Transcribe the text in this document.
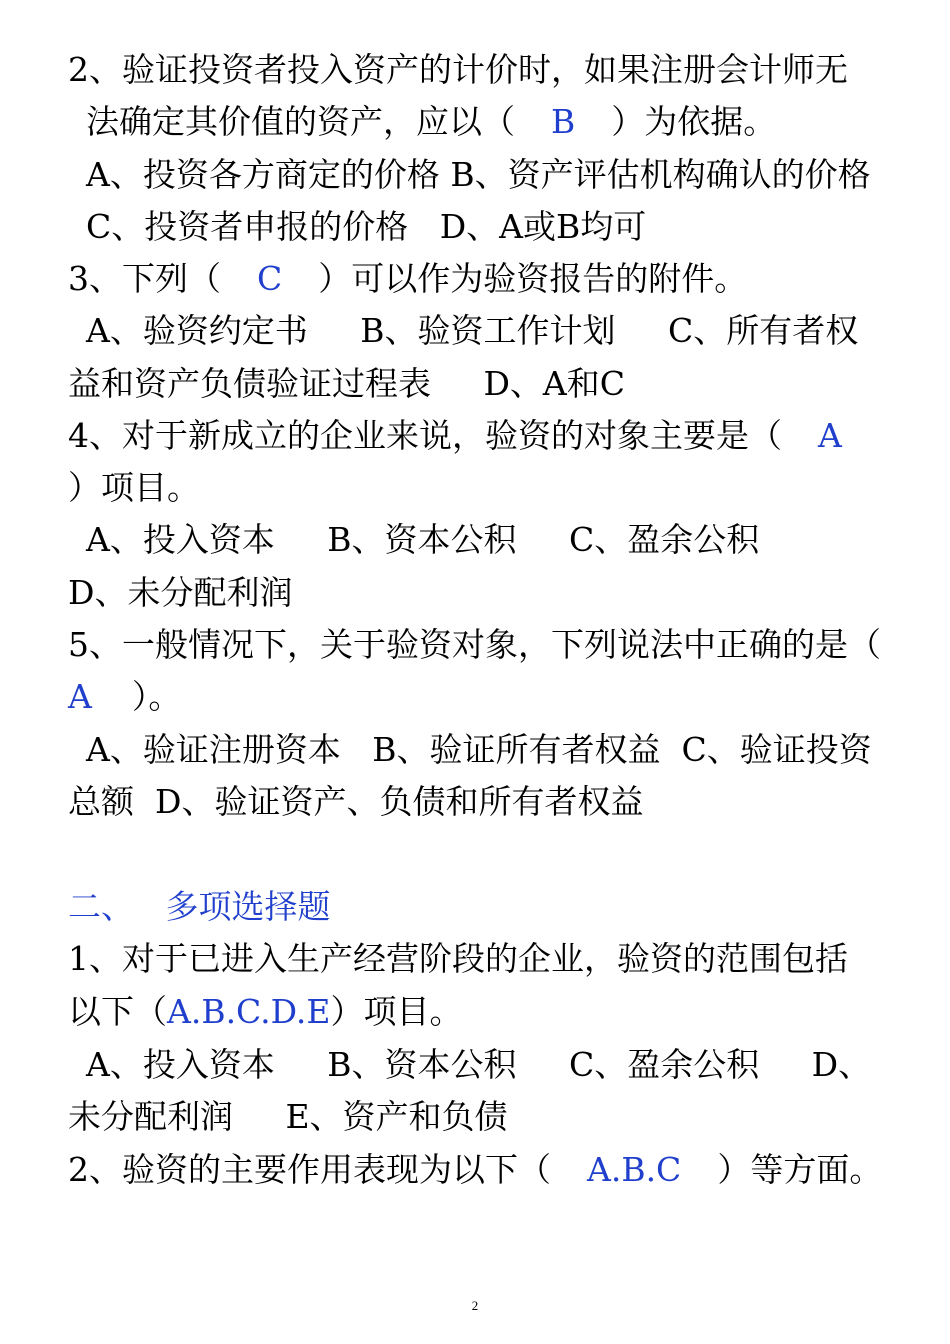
2、验证投资者投入资产的计价时，如果注册会计师无
法确定其价值的资产，应以（ B ）为依据。
A、投资各方商定的价格 B、资产评估机构确认的价格
C、投资者申报的价格   D、A或B均可
3、下列（ C ）可以作为验资报告的附件。
A、验资约定书     B、验资工作计划     C、所有者权
益和资产负债验证过程表     D、A和C
4、对于新成立的企业来说，验资的对象主要是（ A
）项目。
A、投入资本     B、资本公积     C、盈余公积
D、未分配利润
5、一般情况下，关于验资对象，下列说法中正确的是（
A ）。
A、验证注册资本   B、验证所有者权益  C、验证投资
总额  D、验证资产、负债和所有者权益
二、   多项选择题
1、对于已进入生产经营阶段的企业，验资的范围包括
以下（A.B.C.D.E）项目。
A、投入资本     B、资本公积     C、盈余公积     D、
未分配利润     E、资产和负债
2、验资的主要作用表现为以下（ A.B.C ）等方面。
2
